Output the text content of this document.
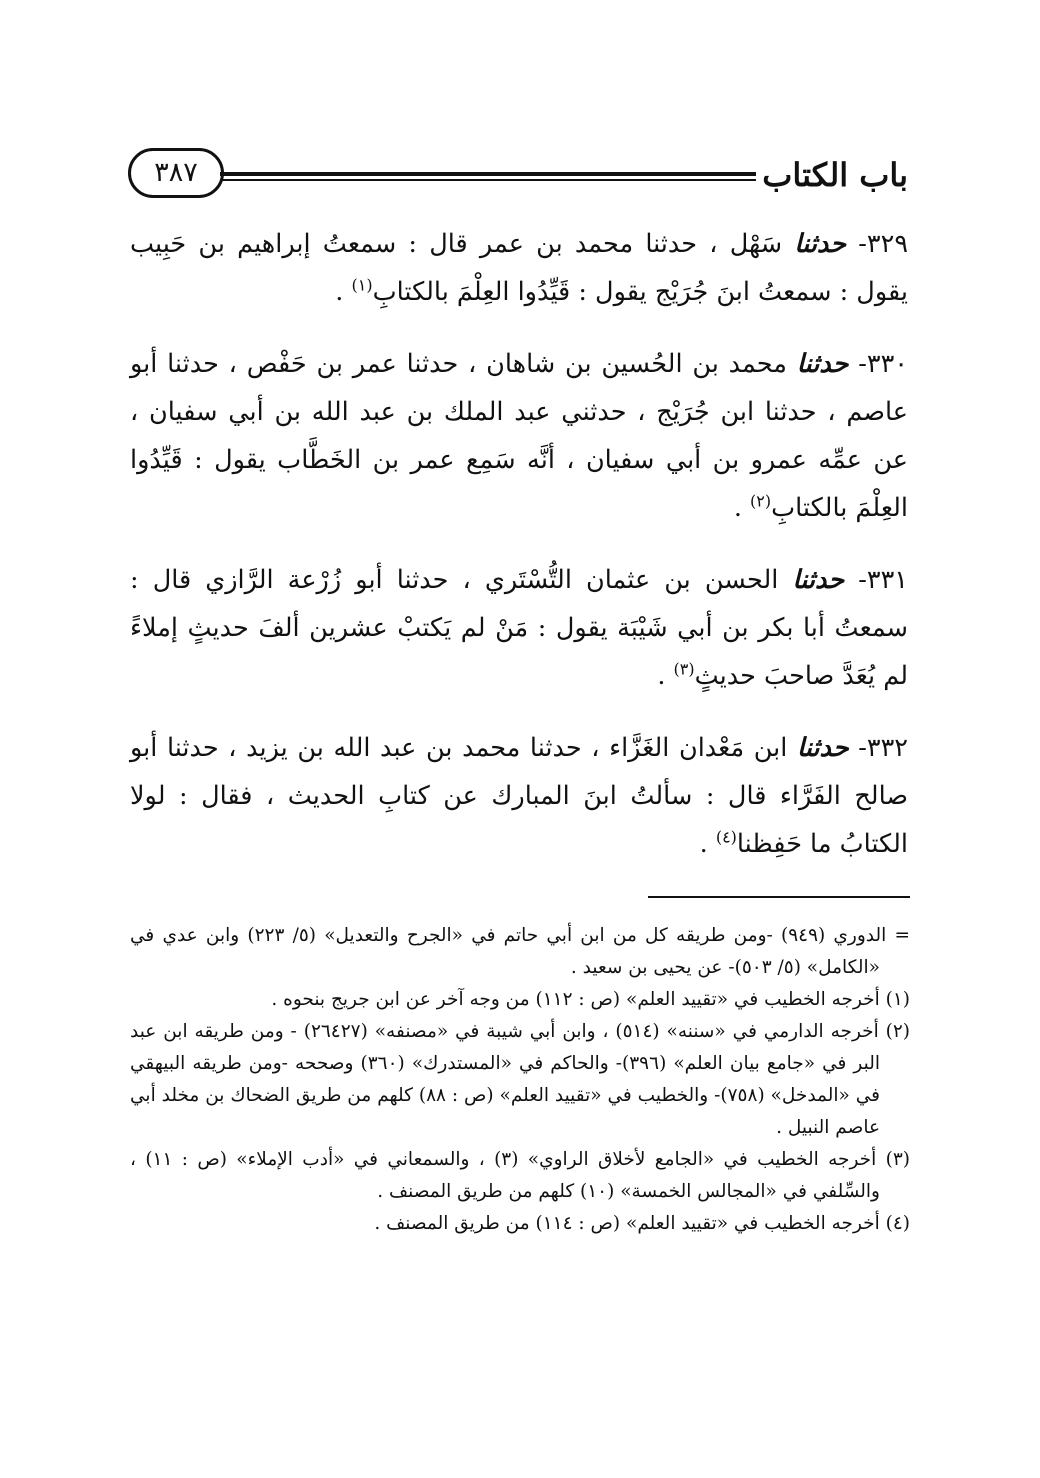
٣٨٧	باب الكتاب

٣٢٩- حدثنا سَهْل ، حدثنا محمد بن عمر قال : سمعتُ إبراهيم بن حَبِيب يقول : سمعتُ ابنَ جُرَيْج يقول : قَيِّدُوا العِلْمَ بالكتابِ$^{(١)}$ .

٣٣٠- حدثنا محمد بن الحُسين بن شاهان ، حدثنا عمر بن حَفْص ، حدثنا أبو عاصم ، حدثنا ابن جُرَيْج ، حدثني عبد الملك بن عبد الله بن أبي سفيان ، عن عمِّه عمرو بن أبي سفيان ، أنَّه سَمِع عمر بن الخَطَّاب يقول : قَيِّدُوا العِلْمَ بالكتابِ$^{(٢)}$ .

٣٣١- حدثنا الحسن بن عثمان التُّسْتَري ، حدثنا أبو زُرْعة الرَّازي قال : سمعتُ أبا بكر بن أبي شَيْبَة يقول : مَنْ لم يَكتبْ عشرين ألفَ حديثٍ إملاءً لم يُعَدَّ صاحبَ حديثٍ$^{(٣)}$ .

٣٣٢- حدثنا ابن مَعْدان الغَزَّاء ، حدثنا محمد بن عبد الله بن يزيد ، حدثنا أبو صالح الفَرَّاء قال : سألتُ ابنَ المبارك عن كتابِ الحديث ، فقال : لولا الكتابُ ما حَفِظنا$^{(٤)}$ .

= الدوري (٩٤٩) -ومن طريقه كل من ابن أبي حاتم في «الجرح والتعديل» (٥/ ٢٢٣) وابن عدي في «الكامل» (٥/ ٥٠٣)- عن يحيى بن سعيد .

(١) أخرجه الخطيب في «تقييد العلم» (ص : ١١٢) من وجه آخر عن ابن جريج بنحوه .

(٢) أخرجه الدارمي في «سننه» (٥١٤) ، وابن أبي شيبة في «مصنفه» (٢٦٤٢٧) - ومن طريقه ابن عبد البر في «جامع بيان العلم» (٣٩٦)- والحاكم في «المستدرك» (٣٦٠) وصححه -ومن طريقه البيهقي في «المدخل» (٧٥٨)- والخطيب في «تقييد العلم» (ص : ٨٨) كلهم من طريق الضحاك بن مخلد أبي عاصم النبيل .

(٣) أخرجه الخطيب في «الجامع لأخلاق الراوي» (٣) ، والسمعاني في «أدب الإملاء» (ص : ١١) ، والسِّلفي في «المجالس الخمسة» (١٠) كلهم من طريق المصنف .

(٤) أخرجه الخطيب في «تقييد العلم» (ص : ١١٤) من طريق المصنف .
